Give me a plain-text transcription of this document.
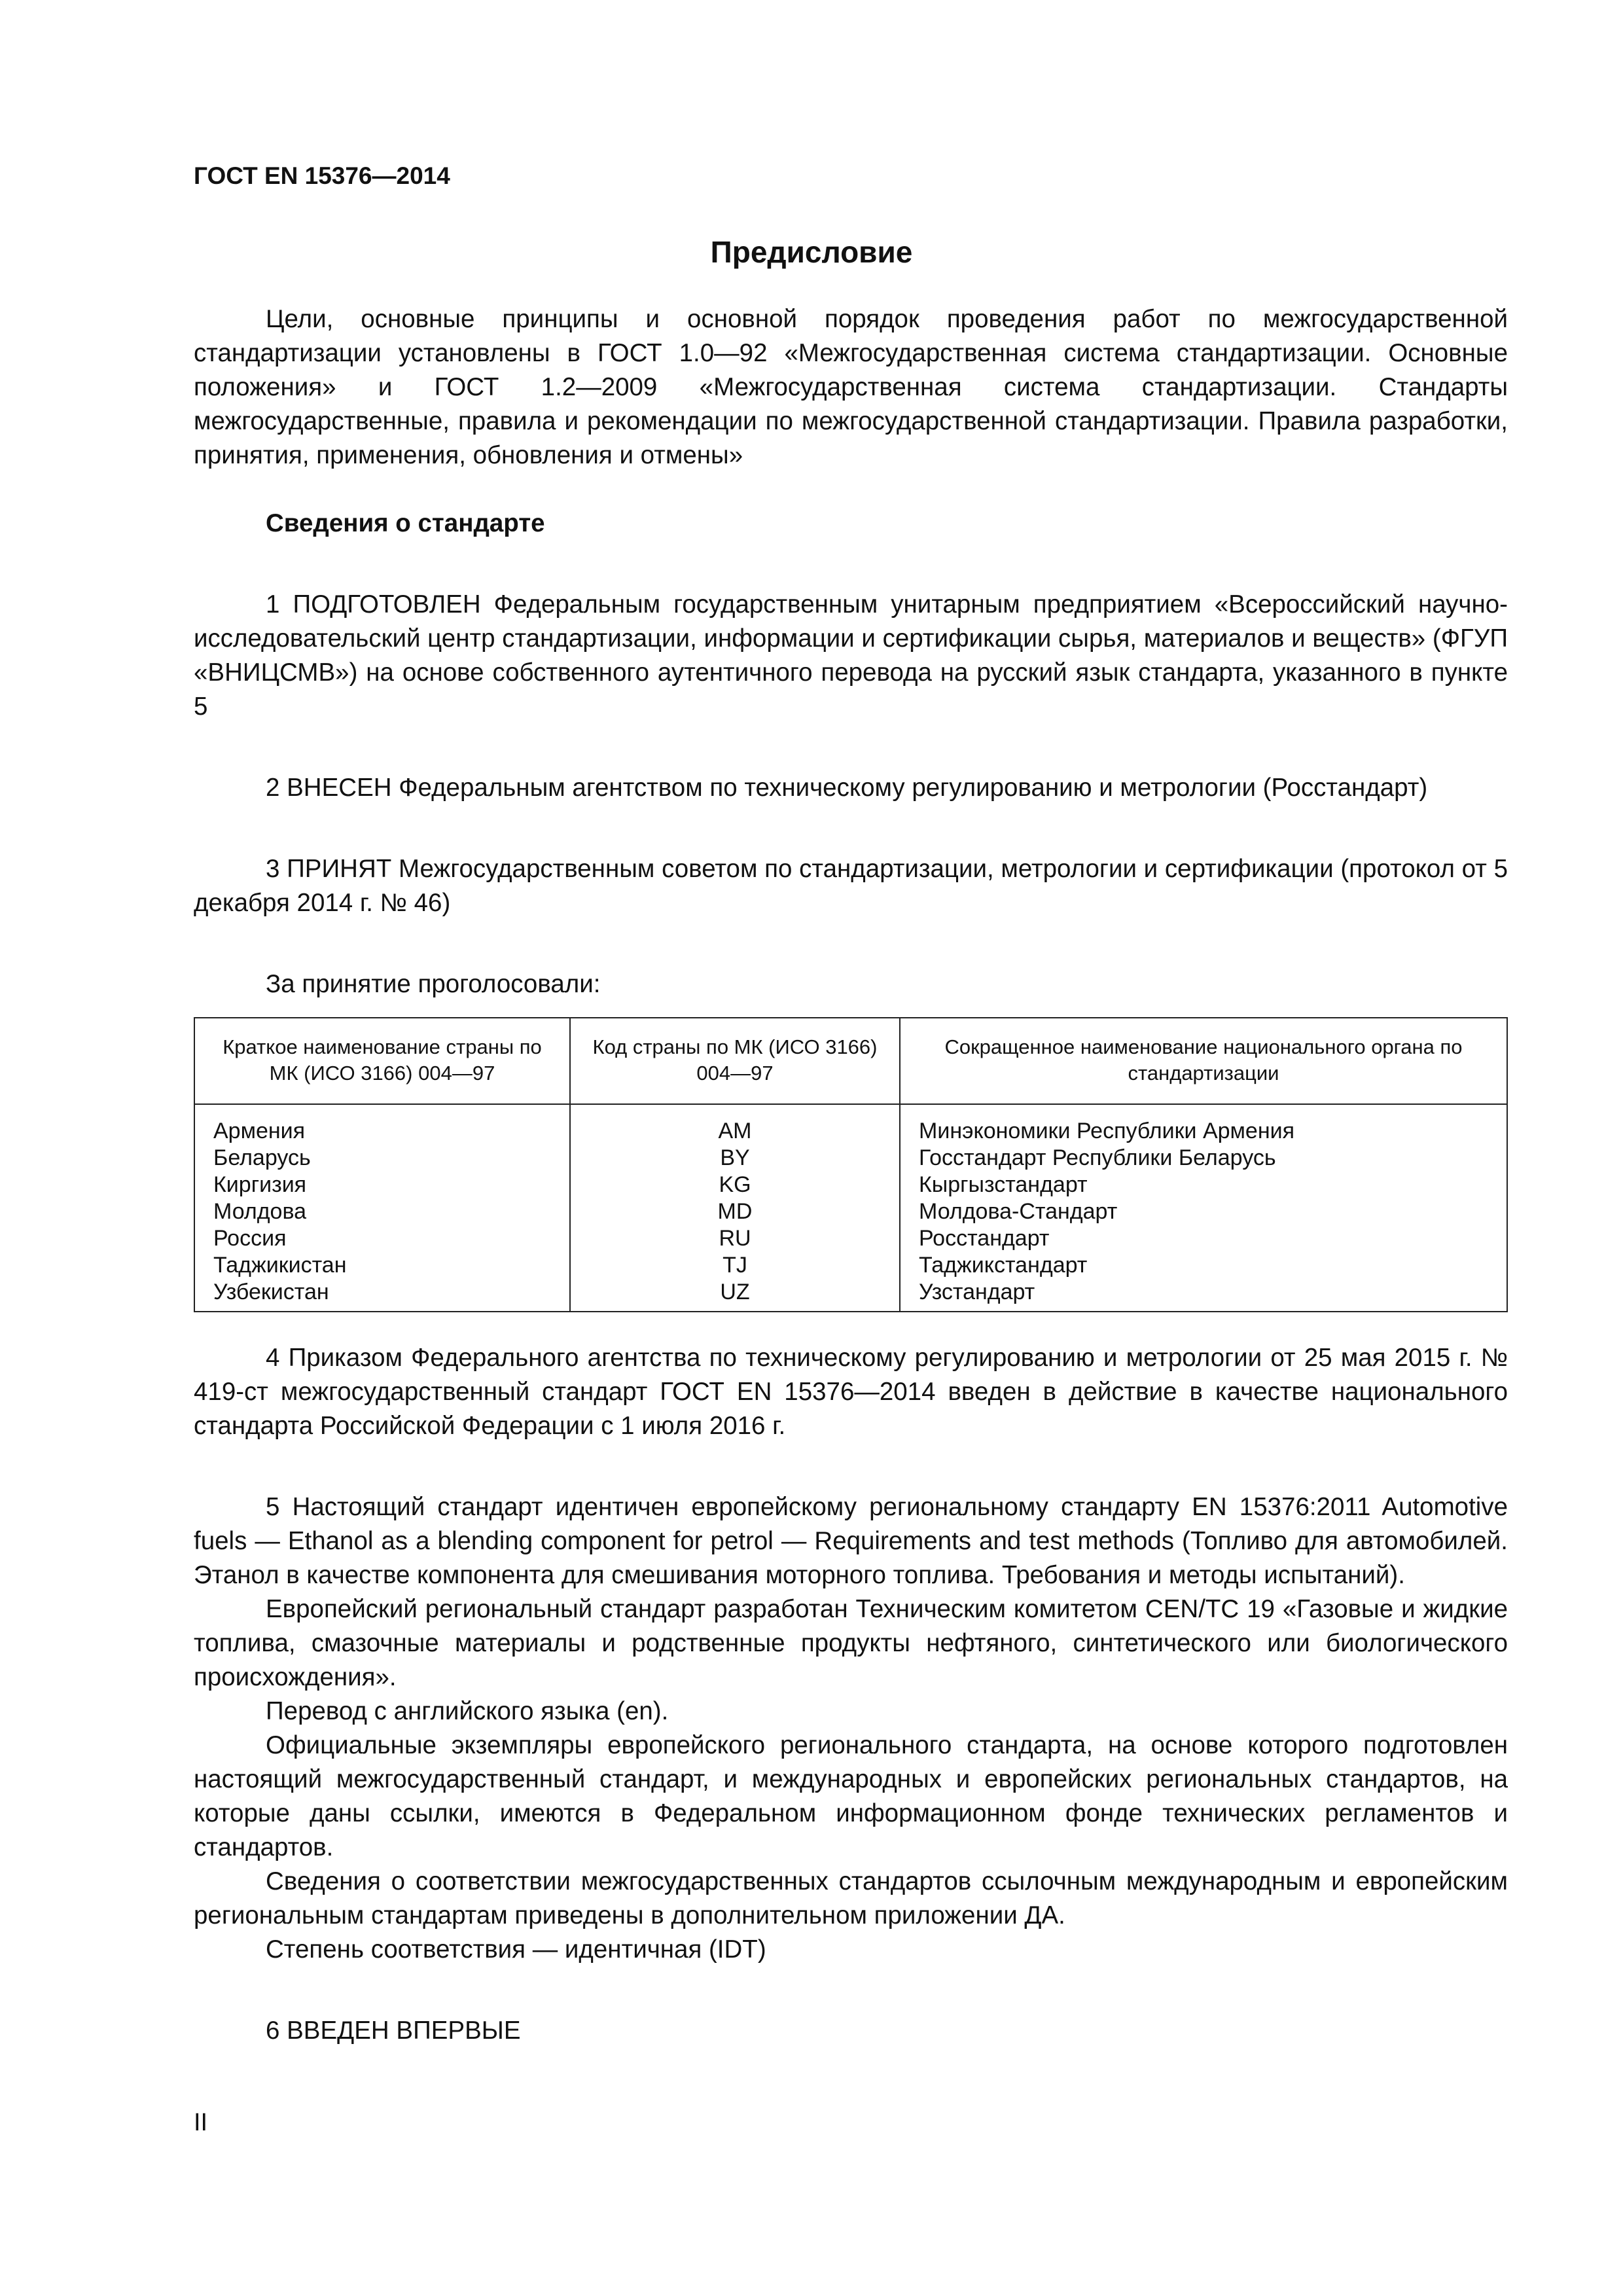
ГОСТ EN 15376—2014

Предисловие

Цели, основные принципы и основной порядок проведения работ по межгосударственной стандартизации установлены в ГОСТ 1.0—92 «Межгосударственная система стандартизации. Основные положения» и ГОСТ 1.2—2009 «Межгосударственная система стандартизации. Стандарты межгосударственные, правила и рекомендации по межгосударственной стандартизации. Правила разработки, принятия, применения, обновления и отмены»

Сведения о стандарте

1 ПОДГОТОВЛЕН Федеральным государственным унитарным предприятием «Всероссийский научно-исследовательский центр стандартизации, информации и сертификации сырья, материалов и веществ» (ФГУП «ВНИЦСМВ») на основе собственного аутентичного перевода на русский язык стандарта, указанного в пункте 5

2 ВНЕСЕН Федеральным агентством по техническому регулированию и метрологии (Росстандарт)

3 ПРИНЯТ Межгосударственным советом по стандартизации, метрологии и сертификации (протокол от 5 декабря 2014 г. № 46)

За принятие проголосовали:

Краткое наименование страны по МК (ИСО 3166) 004—97	Код страны по МК (ИСО 3166) 004—97	Сокращенное наименование национального органа по стандартизации
Армения	AM	Минэкономики Республики Армения
Беларусь	BY	Госстандарт Республики Беларусь
Киргизия	KG	Кыргызстандарт
Молдова	MD	Молдова-Стандарт
Россия	RU	Росстандарт
Таджикистан	TJ	Таджикстандарт
Узбекистан	UZ	Узстандарт

4 Приказом Федерального агентства по техническому регулированию и метрологии от 25 мая 2015 г. № 419-ст межгосударственный стандарт ГОСТ EN 15376—2014 введен в действие в качестве национального стандарта Российской Федерации с 1 июля 2016 г.

5 Настоящий стандарт идентичен европейскому региональному стандарту EN 15376:2011 Automotive fuels — Ethanol as a blending component for petrol — Requirements and test methods (Топливо для автомобилей. Этанол в качестве компонента для смешивания моторного топлива. Требования и методы испытаний).

Европейский региональный стандарт разработан Техническим комитетом CEN/TC 19 «Газовые и жидкие топлива, смазочные материалы и родственные продукты нефтяного, синтетического или биологического происхождения».

Перевод с английского языка (en).

Официальные экземпляры европейского регионального стандарта, на основе которого подготовлен настоящий межгосударственный стандарт, и международных и европейских региональных стандартов, на которые даны ссылки, имеются в Федеральном информационном фонде технических регламентов и стандартов.

Сведения о соответствии межгосударственных стандартов ссылочным международным и европейским региональным стандартам приведены в дополнительном приложении ДА.

Степень соответствия — идентичная (IDT)

6 ВВЕДЕН ВПЕРВЫЕ

II
